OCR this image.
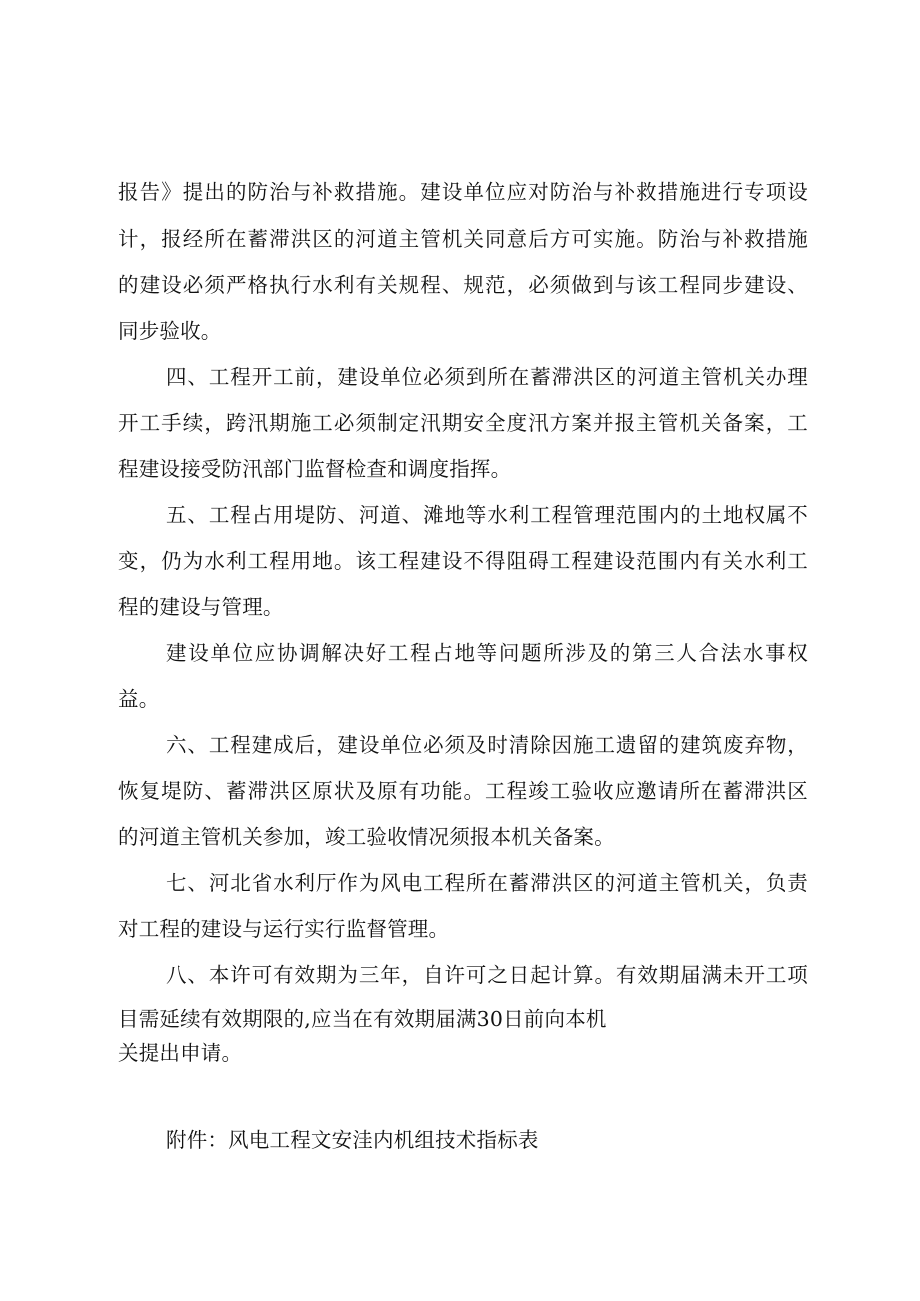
报告》提出的防治与补救措施。建设单位应对防治与补救措施进行专项设
计，报经所在蓄滞洪区的河道主管机关同意后方可实施。防治与补救措施
的建设必须严格执行水利有关规程、规范，必须做到与该工程同步建设、
同步验收。
四、工程开工前，建设单位必须到所在蓄滞洪区的河道主管机关办理
开工手续，跨汛期施工必须制定汛期安全度汛方案并报主管机关备案，工
程建设接受防汛部门监督检查和调度指挥。
五、工程占用堤防、河道、滩地等水利工程管理范围内的土地权属不
变，仍为水利工程用地。该工程建设不得阻碍工程建设范围内有关水利工
程的建设与管理。
建设单位应协调解决好工程占地等问题所涉及的第三人合法水事权
益。
六、工程建成后，建设单位必须及时清除因施工遗留的建筑废弃物，
恢复堤防、蓄滞洪区原状及原有功能。工程竣工验收应邀请所在蓄滞洪区
的河道主管机关参加，竣工验收情况须报本机关备案。
七、河北省水利厅作为风电工程所在蓄滞洪区的河道主管机关，负责
对工程的建设与运行实行监督管理。
八、本许可有效期为三年，自许可之日起计算。有效期届满未开工项
目需延续有效期限的,应当在有效期届满30日前向本机
关提出申请。
附件：风电工程文安洼内机组技术指标表
